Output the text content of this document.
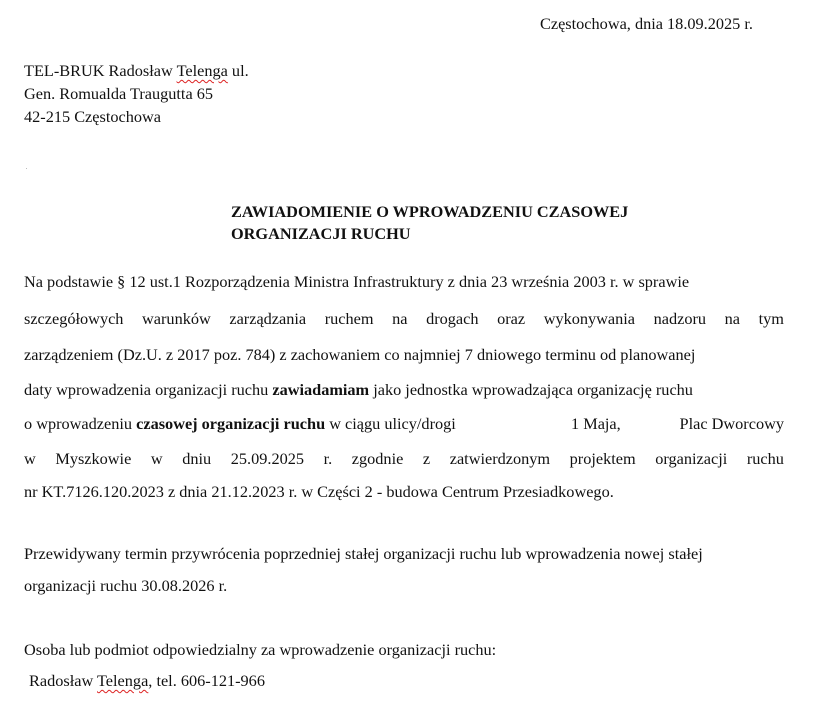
Częstochowa, dnia 18.09.2025 r.
TEL-BRUK Radosław Telenga ul.
Gen. Romualda Traugutta 65
42-215 Częstochowa
ZAWIADOMIENIE O WPROWADZENIU CZASOWEJ
ORGANIZACJI RUCHU
Na podstawie § 12 ust.1 Rozporządzenia Ministra Infrastruktury z dnia 23 września 2003 r. w sprawie
szczegółowych warunków zarządzania ruchem na drogach oraz wykonywania nadzoru na tym
zarządzeniem (Dz.U. z 2017 poz. 784) z zachowaniem co najmniej 7 dniowego terminu od planowanej
daty wprowadzenia organizacji ruchu zawiadamiam jako jednostka wprowadzająca organizację ruchu
o wprowadzeniu czasowej organizacji ruchu w ciągu ulicy/drogi	1 Maja,	Plac Dworcowy
w Myszkowie w dniu 25.09.2025 r. zgodnie z zatwierdzonym projektem organizacji ruchu
nr KT.7126.120.2023 z dnia 21.12.2023 r. w Części 2 - budowa Centrum Przesiadkowego.
Przewidywany termin przywrócenia poprzedniej stałej organizacji ruchu lub wprowadzenia nowej stałej
organizacji ruchu 30.08.2026 r.
Osoba lub podmiot odpowiedzialny za wprowadzenie organizacji ruchu:
Radosław Telenga, tel. 606-121-966
